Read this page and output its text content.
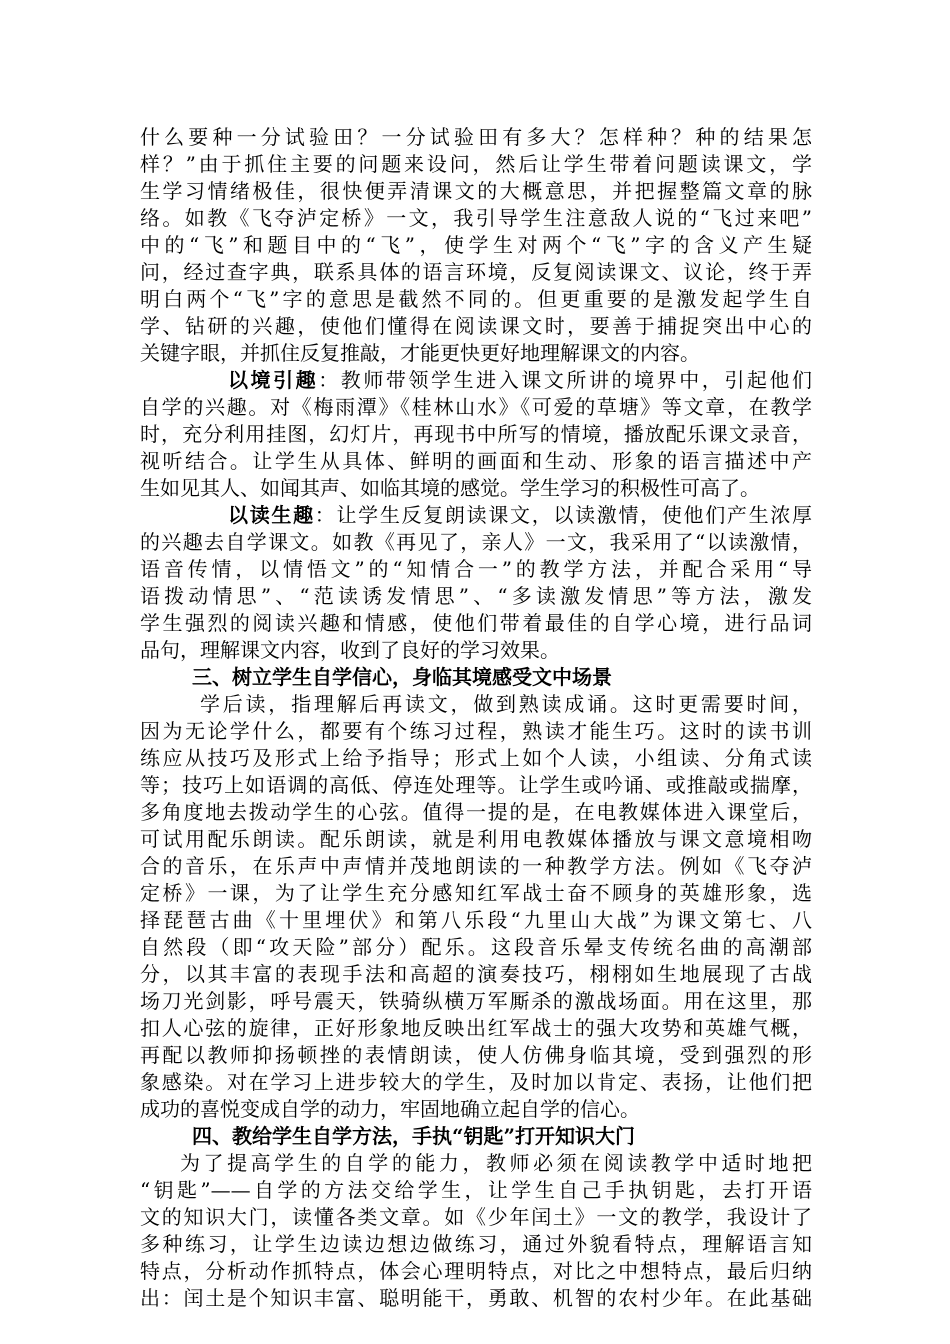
什么要种一分试验田？一分试验田有多大？怎样种？种的结果怎
样？”由于抓住主要的问题来设问，然后让学生带着问题读课文，学
生学习情绪极佳，很快便弄清课文的大概意思，并把握整篇文章的脉
络。如教《飞夺泸定桥》一文，我引导学生注意敌人说的“飞过来吧”
中的“飞”和题目中的“飞”，使学生对两个“飞”字的含义产生疑
问，经过查字典，联系具体的语言环境，反复阅读课文、议论，终于弄
明白两个“飞”字的意思是截然不同的。但更重要的是激发起学生自
学、钻研的兴趣，使他们懂得在阅读课文时，要善于捕捉突出中心的
关键字眼，并抓住反复推敲，才能更快更好地理解课文的内容。
以境引趣：教师带领学生进入课文所讲的境界中，引起他们
自学的兴趣。对《梅雨潭》《桂林山水》《可爱的草塘》等文章，在教学
时，充分利用挂图，幻灯片，再现书中所写的情境，播放配乐课文录音，
视听结合。让学生从具体、鲜明的画面和生动、形象的语言描述中产
生如见其人、如闻其声、如临其境的感觉。学生学习的积极性可高了。
以读生趣：让学生反复朗读课文，以读激情，使他们产生浓厚
的兴趣去自学课文。如教《再见了，亲人》一文，我采用了“以读激情，
语音传情，以情悟文”的“知情合一”的教学方法，并配合采用“导
语拨动情思”、“范读诱发情思”、“多读激发情思”等方法，激发
学生强烈的阅读兴趣和情感，使他们带着最佳的自学心境，进行品词
品句，理解课文内容，收到了良好的学习效果。
三、树立学生自学信心，身临其境感受文中场景
学后读，指理解后再读文，做到熟读成诵。这时更需要时间，
因为无论学什么，都要有个练习过程，熟读才能生巧。这时的读书训
练应从技巧及形式上给予指导；形式上如个人读，小组读、分角式读
等；技巧上如语调的高低、停连处理等。让学生或吟诵、或推敲或揣摩，
多角度地去拨动学生的心弦。值得一提的是，在电教媒体进入课堂后，
可试用配乐朗读。配乐朗读，就是利用电教媒体播放与课文意境相吻
合的音乐，在乐声中声情并茂地朗读的一种教学方法。例如《飞夺泸
定桥》一课，为了让学生充分感知红军战士奋不顾身的英雄形象，选
择琵琶古曲《十里埋伏》和第八乐段“九里山大战”为课文第七、八
自然段（即“攻天险”部分）配乐。这段音乐晕支传统名曲的高潮部
分，以其丰富的表现手法和高超的演奏技巧，栩栩如生地展现了古战
场刀光剑影，呼号震天，铁骑纵横万军厮杀的激战场面。用在这里，那
扣人心弦的旋律，正好形象地反映出红军战士的强大攻势和英雄气概，
再配以教师抑扬顿挫的表情朗读，使人仿佛身临其境，受到强烈的形
象感染。对在学习上进步较大的学生，及时加以肯定、表扬，让他们把
成功的喜悦变成自学的动力，牢固地确立起自学的信心。
四、教给学生自学方法，手执“钥匙”打开知识大门
为了提高学生的自学的能力，教师必须在阅读教学中适时地把
“钥匙”——自学的方法交给学生，让学生自己手执钥匙，去打开语
文的知识大门，读懂各类文章。如《少年闰土》一文的教学，我设计了
多种练习，让学生边读边想边做练习，通过外貌看特点，理解语言知
特点，分析动作抓特点，体会心理明特点，对比之中想特点，最后归纳
出：闰土是个知识丰富、聪明能干，勇敢、机智的农村少年。在此基础
